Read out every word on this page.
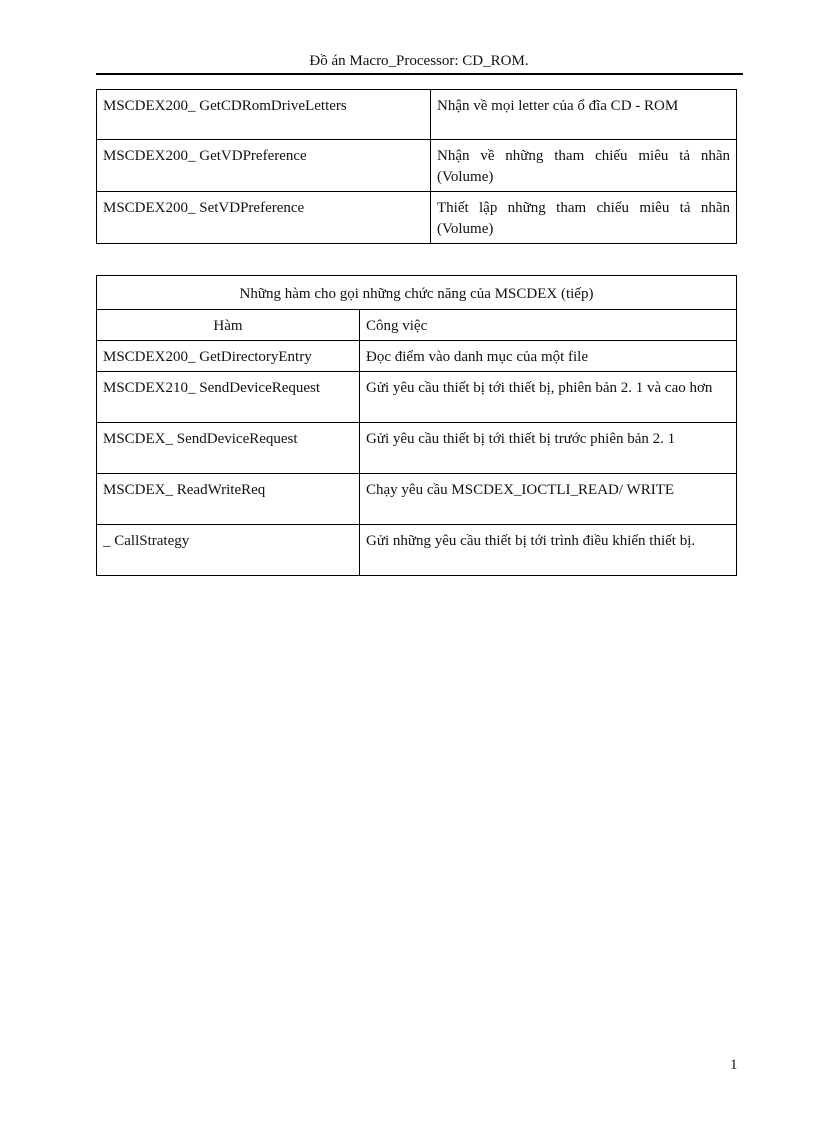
Đồ án Macro_Processor: CD_ROM.
MSCDEX200_ GetCDRomDriveLetters	Nhận về mọi letter của ổ đĩa CD - ROM
MSCDEX200_ GetVDPreference	Nhận về những tham chiếu miêu tả nhãn (Volume)
MSCDEX200_ SetVDPreference	Thiết lập những tham chiếu miêu tả nhãn (Volume)
Những hàm cho gọi những chức năng của MSCDEX (tiếp)	
Hàm	Công việc
MSCDEX200_ GetDirectoryEntry	Đọc điểm vào danh mục của một file
MSCDEX210_ SendDeviceRequest	Gửi yêu cầu thiết bị tới thiết bị, phiên bản 2. 1 và cao hơn
MSCDEX_ SendDeviceRequest	Gửi yêu cầu thiết bị tới thiết bị trước phiên bản 2. 1
MSCDEX_ ReadWriteReq	Chạy yêu cầu MSCDEX_IOCTLI_READ/ WRITE
_ CallStrategy	Gửi những yêu cầu thiết bị tới trình điều khiển thiết bị.
1
